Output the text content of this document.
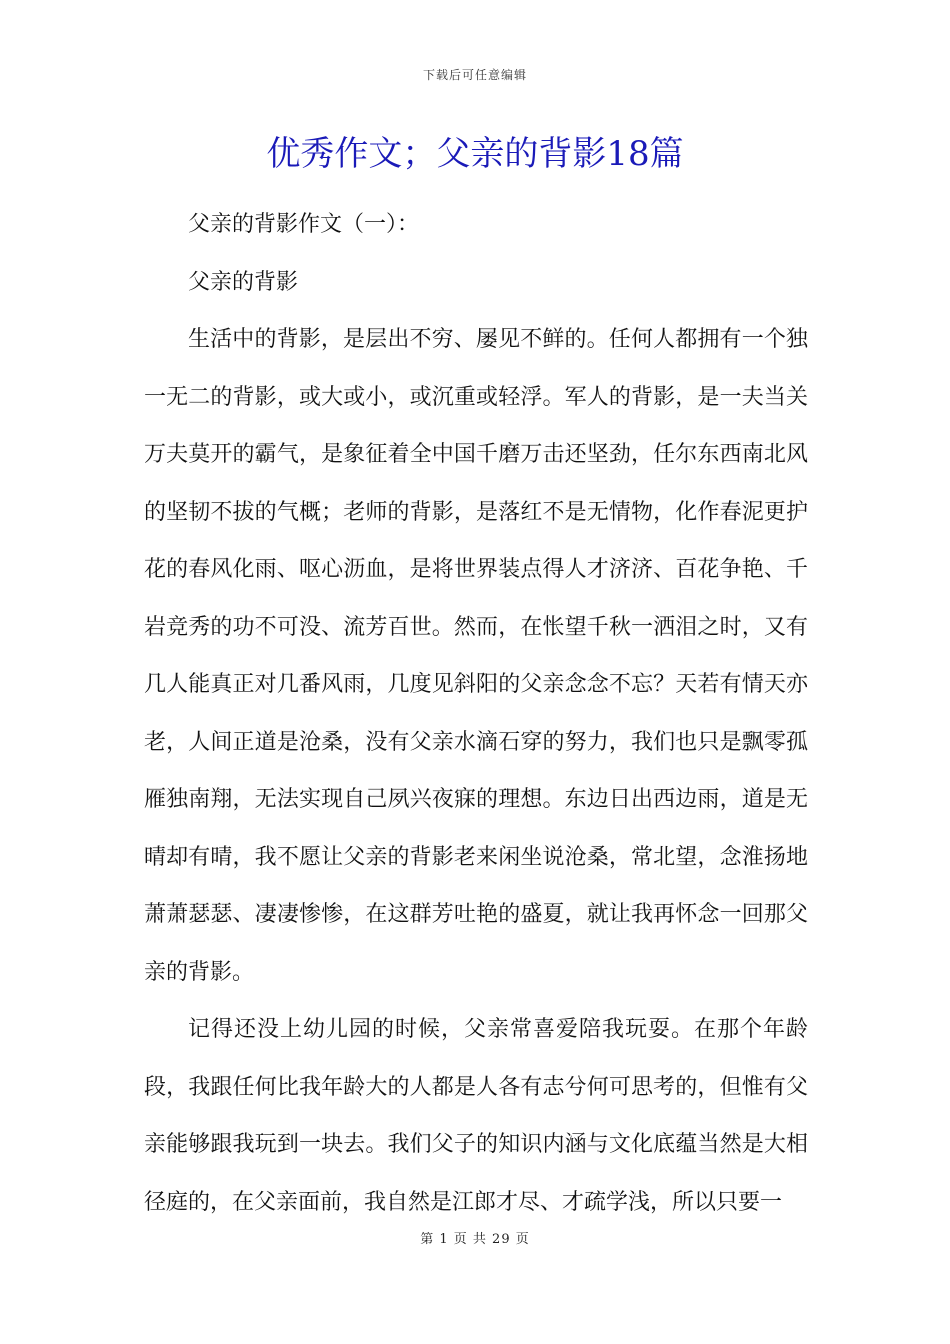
下载后可任意编辑
优秀作文；父亲的背影18篇

父亲的背影作文（一）：

父亲的背影

生活中的背影，是层出不穷、屡见不鲜的。任何人都拥有一个独一无二的背影，或大或小，或沉重或轻浮。军人的背影，是一夫当关万夫莫开的霸气，是象征着全中国千磨万击还坚劲，任尔东西南北风的坚韧不拔的气概；老师的背影，是落红不是无情物，化作春泥更护花的春风化雨、呕心沥血，是将世界装点得人才济济、百花争艳、千岩竞秀的功不可没、流芳百世。然而，在怅望千秋一洒泪之时，又有几人能真正对几番风雨，几度见斜阳的父亲念念不忘？天若有情天亦老，人间正道是沧桑，没有父亲水滴石穿的努力，我们也只是飘零孤雁独南翔，无法实现自己夙兴夜寐的理想。东边日出西边雨，道是无晴却有晴，我不愿让父亲的背影老来闲坐说沧桑，常北望，念淮扬地萧萧瑟瑟、凄凄惨惨，在这群芳吐艳的盛夏，就让我再怀念一回那父亲的背影。

记得还没上幼儿园的时候，父亲常喜爱陪我玩耍。在那个年龄段，我跟任何比我年龄大的人都是人各有志兮何可思考的，但惟有父亲能够跟我玩到一块去。我们父子的知识内涵与文化底蕴当然是大相径庭的，在父亲面前，我自然是江郎才尽、才疏学浅，所以只要一

第 1 页 共 29 页
